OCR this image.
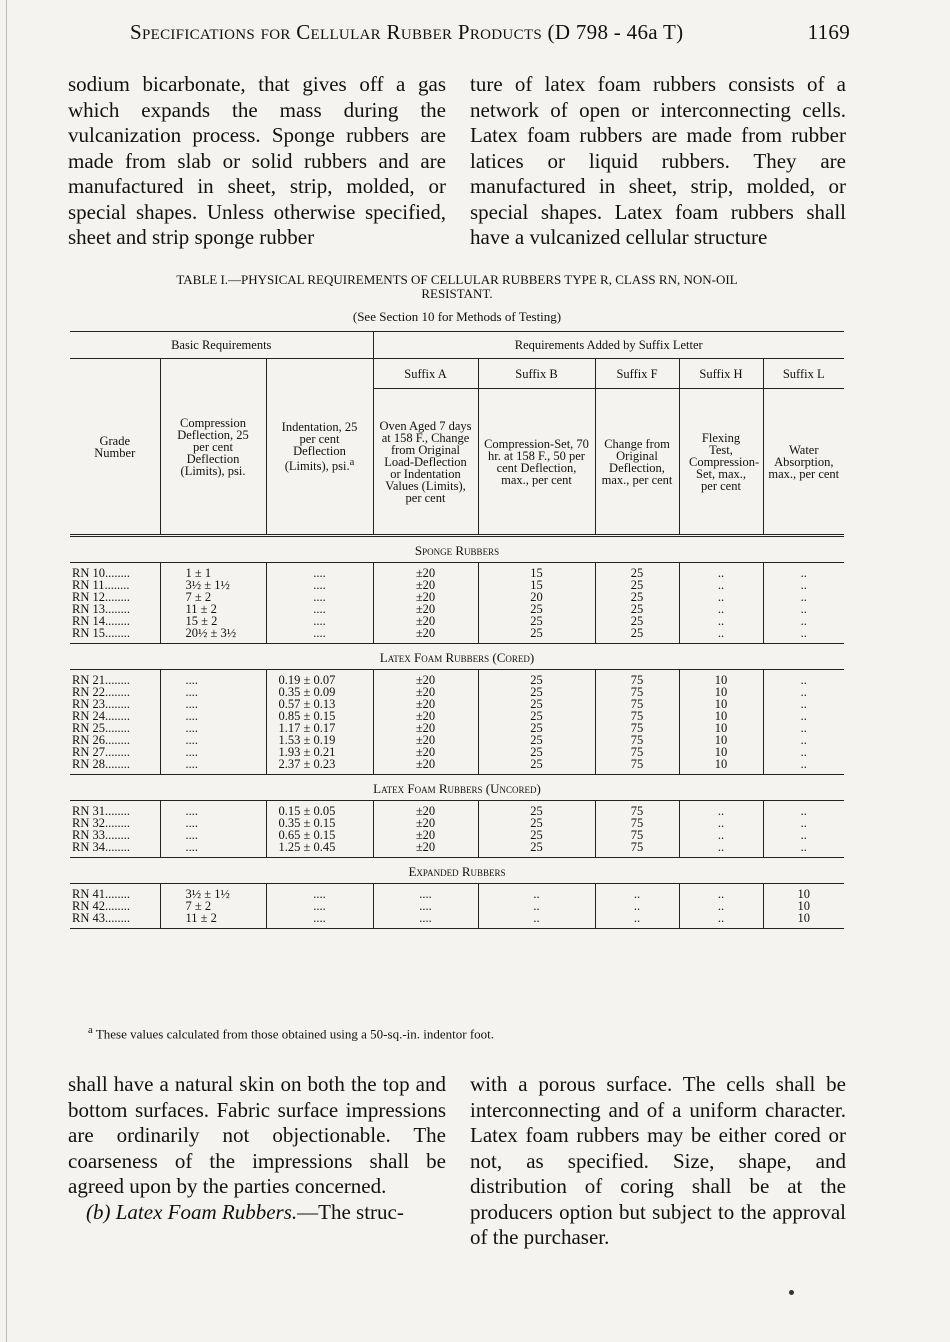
Specifications for Cellular Rubber Products (D 798 - 46a T)	1169

sodium bicarbonate, that gives off a gas which expands the mass during the vulcanization process. Sponge rubbers are made from slab or solid rubbers and are manufactured in sheet, strip, molded, or special shapes. Unless otherwise specified, sheet and strip sponge rubber

ture of latex foam rubbers consists of a network of open or interconnecting cells. Latex foam rubbers are made from rubber latices or liquid rubbers. They are manufactured in sheet, strip, molded, or special shapes. Latex foam rubbers shall have a vulcanized cellular structure

TABLE I.—PHYSICAL REQUIREMENTS OF CELLULAR RUBBERS TYPE R, CLASS RN, NON-OIL
RESISTANT.
(See Section 10 for Methods of Testing)
Basic Requirements			Requirements Added by Suffix Letter				

Grade Number	Compression Deflection, 25 per cent Deflection (Limits), psi.	Indentation, 25 per cent Deflection (Limits), psi.$^a$	Suffix A	Suffix B	Suffix F	Suffix H	Suffix L

			Oven Aged 7 days at 158 F., Change from Original Load-Deflection or Indentation Values (Limits), per cent	Compression-Set, 70 hr. at 158 F., 50 per cent Deflection, max., per cent	Change from Original Deflection, max., per cent	Flexing Test, Compression-Set, max., per cent	Water Absorption, max., per cent

Sponge Rubbers							
RN 10........	1 ± 1	....	±20	15	25	..	..
RN 11........	3½ ± 1½	....	±20	15	25	..	..
RN 12........	7 ± 2	....	±20	20	25	..	..
RN 13........	11 ± 2	....	±20	25	25	..	..
RN 14........	15 ± 2	....	±20	25	25	..	..
RN 15........	20½ ± 3½	....	±20	25	25	..	..
Latex Foam Rubbers (Cored)							
RN 21........	....	0.19 ± 0.07	±20	25	75	10	..
RN 22........	....	0.35 ± 0.09	±20	25	75	10	..
RN 23........	....	0.57 ± 0.13	±20	25	75	10	..
RN 24........	....	0.85 ± 0.15	±20	25	75	10	..
RN 25........	....	1.17 ± 0.17	±20	25	75	10	..
RN 26........	....	1.53 ± 0.19	±20	25	75	10	..
RN 27........	....	1.93 ± 0.21	±20	25	75	10	..
RN 28........	....	2.37 ± 0.23	±20	25	75	10	..
Latex Foam Rubbers (Uncored)							
RN 31........	....	0.15 ± 0.05	±20	25	75	..	..
RN 32........	....	0.35 ± 0.15	±20	25	75	..	..
RN 33........	....	0.65 ± 0.15	±20	25	75	..	..
RN 34........	....	1.25 ± 0.45	±20	25	75	..	..
Expanded Rubbers							
RN 41........	3½ ± 1½	....	....	..	..	..	10
RN 42........	7 ± 2	....	....	..	..	..	10
RN 43........	11 ± 2	....	....	..	..	..	10
$^a$ These values calculated from those obtained using a 50-sq.-in. indentor foot.

shall have a natural skin on both the top and bottom surfaces. Fabric surface impressions are ordinarily not objectionable. The coarseness of the impressions shall be agreed upon by the parties concerned.

(b) Latex Foam Rubbers.—The struc-

with a porous surface. The cells shall be interconnecting and of a uniform character. Latex foam rubbers may be either cored or not, as specified. Size, shape, and distribution of coring shall be at the producers option but subject to the approval of the purchaser.
